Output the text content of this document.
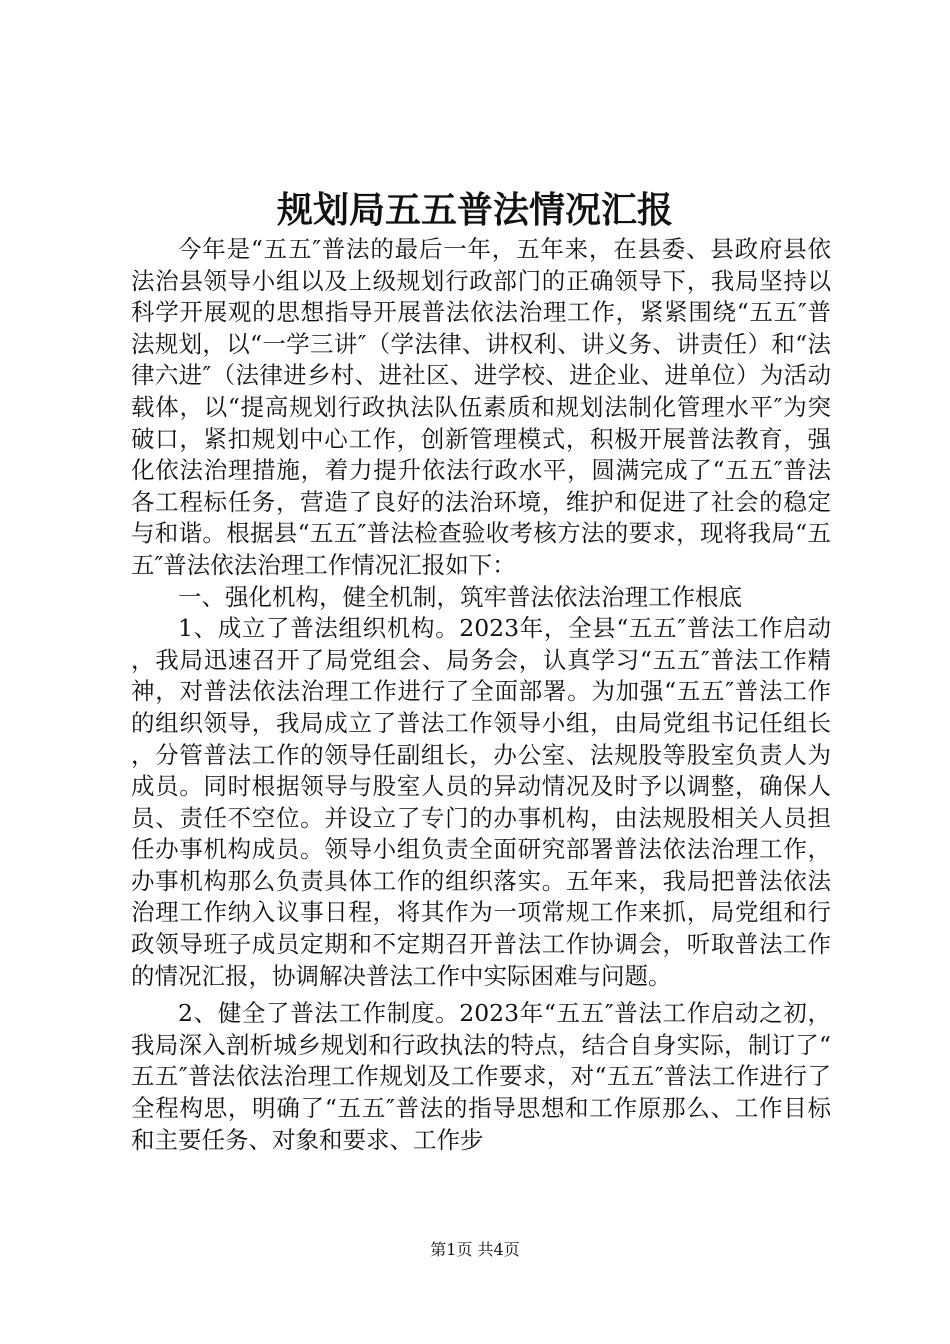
规划局五五普法情况汇报

今年是“五五″普法的最后一年，五年来，在县委、县政府县依法治县领导小组以及上级规划行政部门的正确领导下，我局坚持以科学开展观的思想指导开展普法依法治理工作，紧紧围绕“五五″普法规划，以“一学三讲″（学法律、讲权利、讲义务、讲责任）和“法律六进″（法律进乡村、进社区、进学校、进企业、进单位）为活动载体，以“提高规划行政执法队伍素质和规划法制化管理水平″为突破口，紧扣规划中心工作，创新管理模式，积极开展普法教育，强化依法治理措施，着力提升依法行政水平，圆满完成了“五五″普法各工程标任务，营造了良好的法治环境，维护和促进了社会的稳定与和谐。根据县“五五″普法检查验收考核方法的要求，现将我局“五五″普法依法治理工作情况汇报如下：

一、强化机构，健全机制，筑牢普法依法治理工作根底

1、成立了普法组织机构。2023年，全县“五五″普法工作启动，我局迅速召开了局党组会、局务会，认真学习“五五″普法工作精神，对普法依法治理工作进行了全面部署。为加强“五五″普法工作的组织领导，我局成立了普法工作领导小组，由局党组书记任组长，分管普法工作的领导任副组长，办公室、法规股等股室负责人为成员。同时根据领导与股室人员的异动情况及时予以调整，确保人员、责任不空位。并设立了专门的办事机构，由法规股相关人员担任办事机构成员。领导小组负责全面研究部署普法依法治理工作，办事机构那么负责具体工作的组织落实。五年来，我局把普法依法治理工作纳入议事日程，将其作为一项常规工作来抓，局党组和行政领导班子成员定期和不定期召开普法工作协调会，听取普法工作的情况汇报，协调解决普法工作中实际困难与问题。

2、健全了普法工作制度。2023年“五五″普法工作启动之初，我局深入剖析城乡规划和行政执法的特点，结合自身实际，制订了“五五″普法依法治理工作规划及工作要求，对“五五″普法工作进行了全程构思，明确了“五五″普法的指导思想和工作原那么、工作目标和主要任务、对象和要求、工作步

第1页 共4页
